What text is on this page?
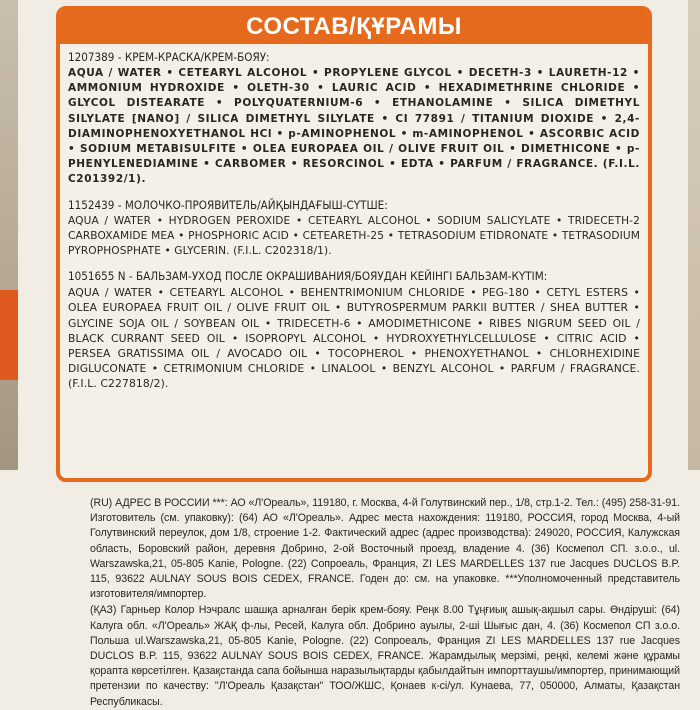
СОСТАВ/ҚҰРАМЫ
1207389 - КРЕМ-КРАСКА/КРЕМ-БОЯУ:
AQUA / WATER • CETEARYL ALCOHOL • PROPYLENE GLYCOL • DECETH-3 • LAURETH-12 • AMMONIUM HYDROXIDE • OLETH-30 • LAURIC ACID • HEXADIMETHRINE CHLORIDE • GLYCOL DISTEARATE • POLYQUATERNIUM-6 • ETHANOLAMINE • SILICA DIMETHYL SILYLATE [NANO] / SILICA DIMETHYL SILYLATE • CI 77891 / TITANIUM DIOXIDE • 2,4-DIAMINOPHENOXYETHANOL HCl • p-AMINOPHENOL • m-AMINOPHENOL • ASCORBIC ACID • SODIUM METABISULFITE • OLEA EUROPAEA OIL / OLIVE FRUIT OIL • DIMETHICONE • p-PHENYLENEDIAMINE • CARBOMER • RESORCINOL • EDTA • PARFUM / FRAGRANCE. (F.I.L. C201392/1).
1152439 - МОЛОЧКО-ПРОЯВИТЕЛЬ/АЙҚЫНДАҒЫШ-СҮТШЕ:
AQUA / WATER • HYDROGEN PEROXIDE • CETEARYL ALCOHOL • SODIUM SALICYLATE • TRIDECETH-2 CARBOXAMIDE MEA • PHOSPHORIC ACID • CETEARETH-25 • TETRASODIUM ETIDRONATE • TETRASODIUM PYROPHOSPHATE • GLYCERIN. (F.I.L. C202318/1).
1051655 N - БАЛЬЗАМ-УХОД ПОСЛЕ ОКРАШИВАНИЯ/БОЯУДАН КЕЙІНГІ БАЛЬЗАМ-КҮТІМ:
AQUA / WATER • CETEARYL ALCOHOL • BEHENTRIMONIUM CHLORIDE • PEG-180 • CETYL ESTERS • OLEA EUROPAEA FRUIT OIL / OLIVE FRUIT OIL • BUTYROSPERMUM PARKII BUTTER / SHEA BUTTER • GLYCINE SOJA OIL / SOYBEAN OIL • TRIDECETH-6 • AMODIMETHICONE • RIBES NIGRUM SEED OIL / BLACK CURRANT SEED OIL • ISOPROPYL ALCOHOL • HYDROXYETHYLCELLULOSE • CITRIC ACID • PERSEA GRATISSIMA OIL / AVOCADO OIL • TOCOPHEROL • PHENOXYETHANOL • CHLORHEXIDINE DIGLUCONATE • CETRIMONIUM CHLORIDE • LINALOOL • BENZYL ALCOHOL • PARFUM / FRAGRANCE. (F.I.L. C227818/2).
(RU) АДРЕС В РОССИИ ***: АО «Л'Ореаль», 119180, г. Москва, 4-й Голутвинский пер., 1/8, стр.1-2. Тел.: (495) 258-31-91. Изготовитель (см. упаковку): (64) АО «Л'Ореаль». Адрес места нахождения: 119180, РОССИЯ, город Москва, 4-ый Голутвинский переулок, дом 1/8, строение 1-2. Фактический адрес (адрес производства): 249020, РОССИЯ, Калужская область, Боровский район, деревня Добрино, 2-ой Восточный проезд, владение 4. (36) Космепол СП. з.о.о., ul. Warszawska,21, 05-805 Kanie, Pologne. (22) Сопроеаль, Франция, ZI LES MARDELLES 137 rue Jacques DUCLOS B.P. 115, 93622 AULNAY SOUS BOIS CEDEX, FRANCE. Годен до: см. на упаковке. ***Уполномоченный представитель изготовителя/импортер.
(ҚАЗ) Гарньер Колор Нэчралс шашқа арналған берік крем-бояу. Реңк 8.00 Тұңғиық ашық-ақшыл сары. Өндіруші: (64) Калуга обл. «Л'Ореаль» ЖАҚ ф-лы, Ресей, Калуга обл. Добрино ауылы, 2-ші Шығыс дан, 4. (36) Космепол СП з.о.о. Польша ul.Warszawska,21, 05-805 Kanie, Pologne. (22) Сопроеаль, Франция ZI LES MARDELLES 137 rue Jacques DUCLOS B.P. 115, 93622 AULNAY SOUS BOIS CEDEX, FRANCE. Жарамдылық мерзімі, реңкі, келемі және құрамы қорапта көрсетілген. Қазақстанда сапа бойынша наразылықтарды қабылдайтын импорттаушы/импортер, принимающий претензии по качеству: "Л'Ореаль Қазақстан" ТОО/ЖШС, Қонаев к-сі/ул. Кунаева, 77, 050000, Алматы, Қазақстан Республикасы.
